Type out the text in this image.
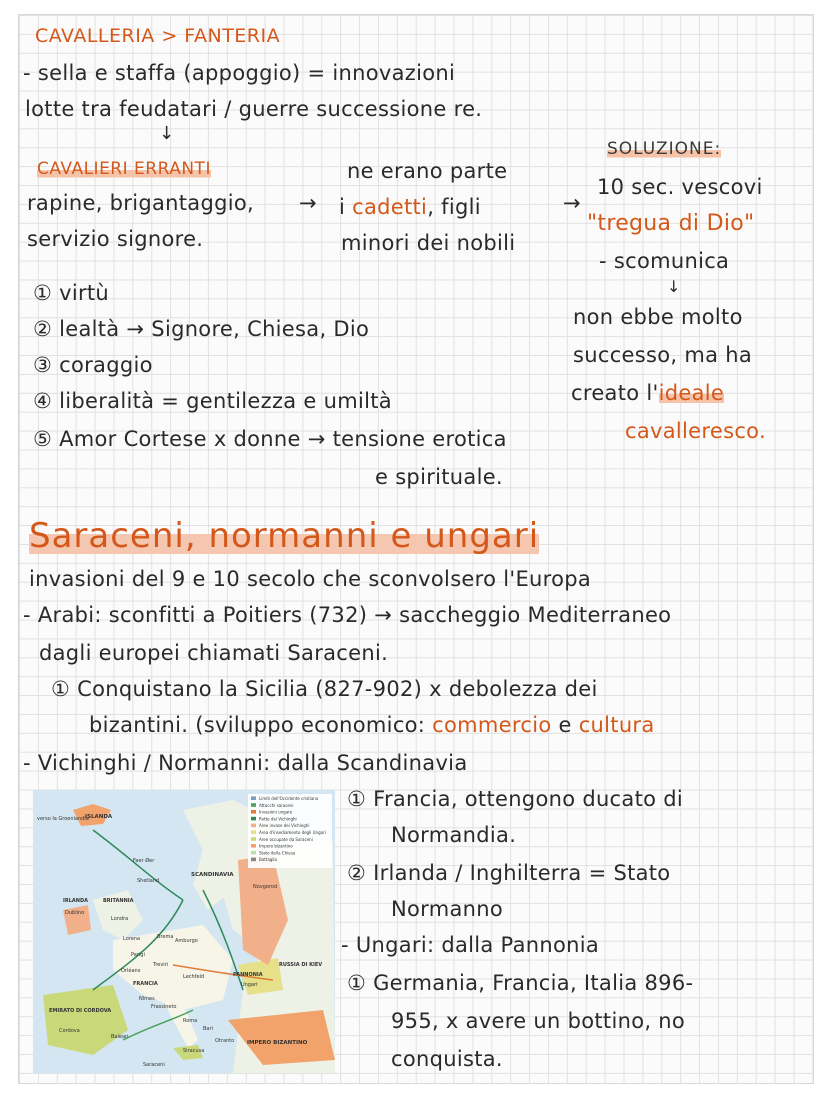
CAVALLERIA > FANTERIA
- sella e staffa (appoggio) = innovazioni
lotte tra feudatari / guerre successione re.
↓
CAVALIERI ERRANTI
rapine, brigantaggio,
servizio signore.
→
ne erano parte
i cadetti, figli
minori dei nobili
→
SOLUZIONE:
10 sec. vescovi
"tregua di Dio"
- scomunica
↓
non ebbe molto
successo, ma ha
creato l'ideale
cavalleresco.
① virtù
② lealtà → Signore, Chiesa, Dio
③ coraggio
④ liberalità = gentilezza e umiltà
⑤ Amor Cortese x donne → tensione erotica
e spirituale.
Saraceni, normanni e ungari
invasioni del 9 e 10 secolo che sconvolsero l'Europa
- Arabi: sconfitti a Poitiers (732) → saccheggio Mediterraneo
dagli europei chiamati Saraceni.
① Conquistano la Sicilia (827-902) x debolezza dei
bizantini. (sviluppo economico: commercio e cultura
- Vichinghi / Normanni: dalla Scandinavia
① Francia, ottengono ducato di
Normandia.
② Irlanda / Inghilterra = Stato
Normanno
- Ungari: dalla Pannonia
① Germania, Francia, Italia 896-
955, x avere un bottino, no
conquista.
Limiti dell'Occidente cristiano
Attacchi saraceni
Invasioni ungare
Rotte dei Vichinghi
Aree invase dei Vichinghi
Area d'insediamento degli Ungari
Aree occupate da Saraceni
Impero bizantino
Stato della Chiesa
Battaglia
verso la Groenlandia
ISLANDA
Faer Øer
Shetland
SCANDINAVIA
IRLANDA
Dublino
BRITANNIA
Londra
Novgorod
Lorena	Brema
Amburgo
Parigi
Treviri
Orléans
FRANCIA
Lechfeld	PANNONIA
Ungari
RUSSIA DI KIEV
Nîmes
Frassineto
Roma
Bari
EMIRATO DI CORDOVA
Cordova
Baleari
Siracusa
Otranto IMPERO BIZANTINO
Saraceni
